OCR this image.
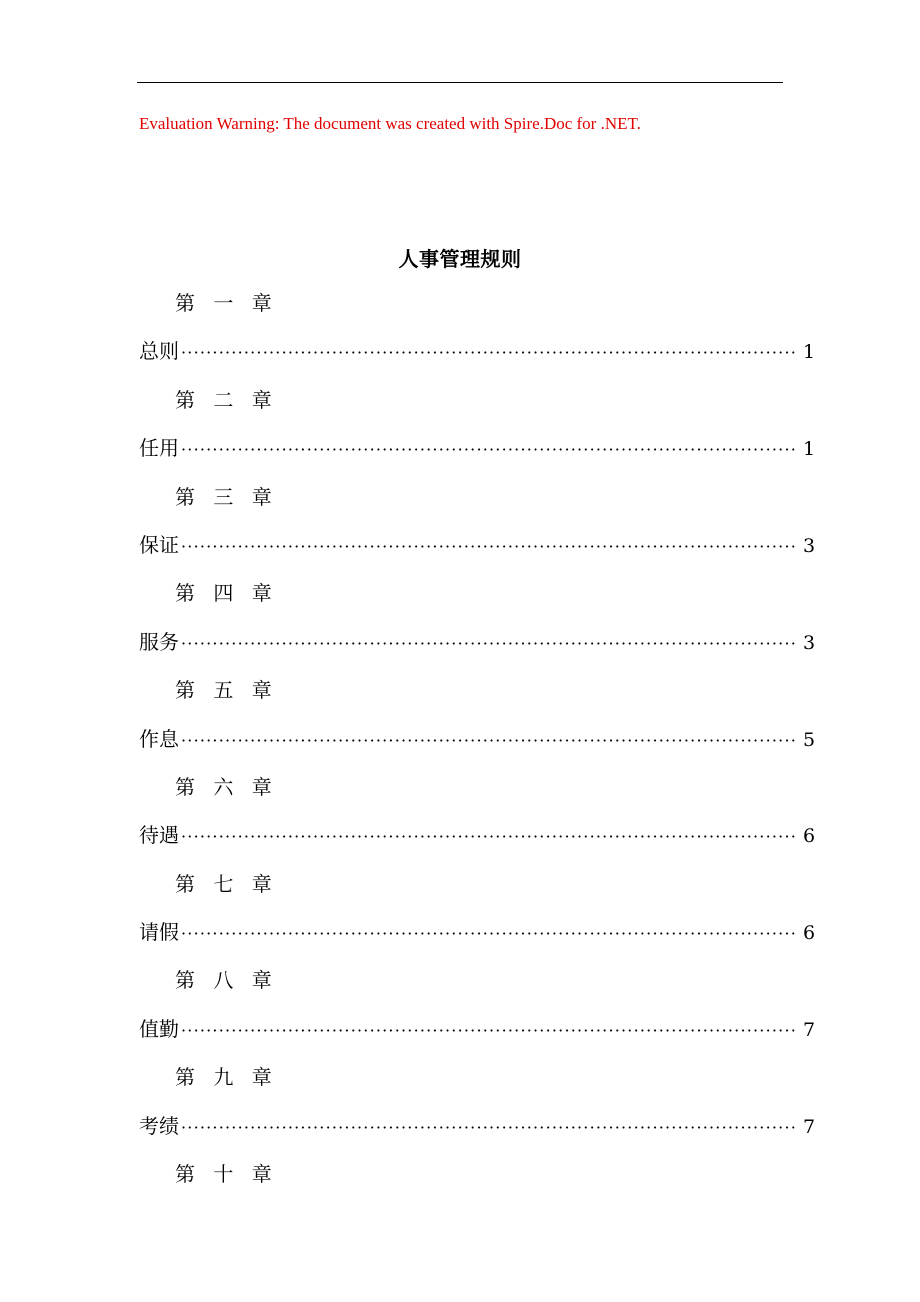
Evaluation Warning: The document was created with Spire.Doc for .NET.
人事管理规则
第 一 章
总则 ·································································································· 1
第 二 章
任用 ·································································································· 1
第 三 章
保证 ·································································································· 3
第 四 章
服务 ·································································································· 3
第 五 章
作息 ·································································································· 5
第 六 章
待遇 ·································································································· 6
第 七 章
请假 ·································································································· 6
第 八 章
值勤 ·································································································· 7
第 九 章
考绩 ·································································································· 7
第 十 章
